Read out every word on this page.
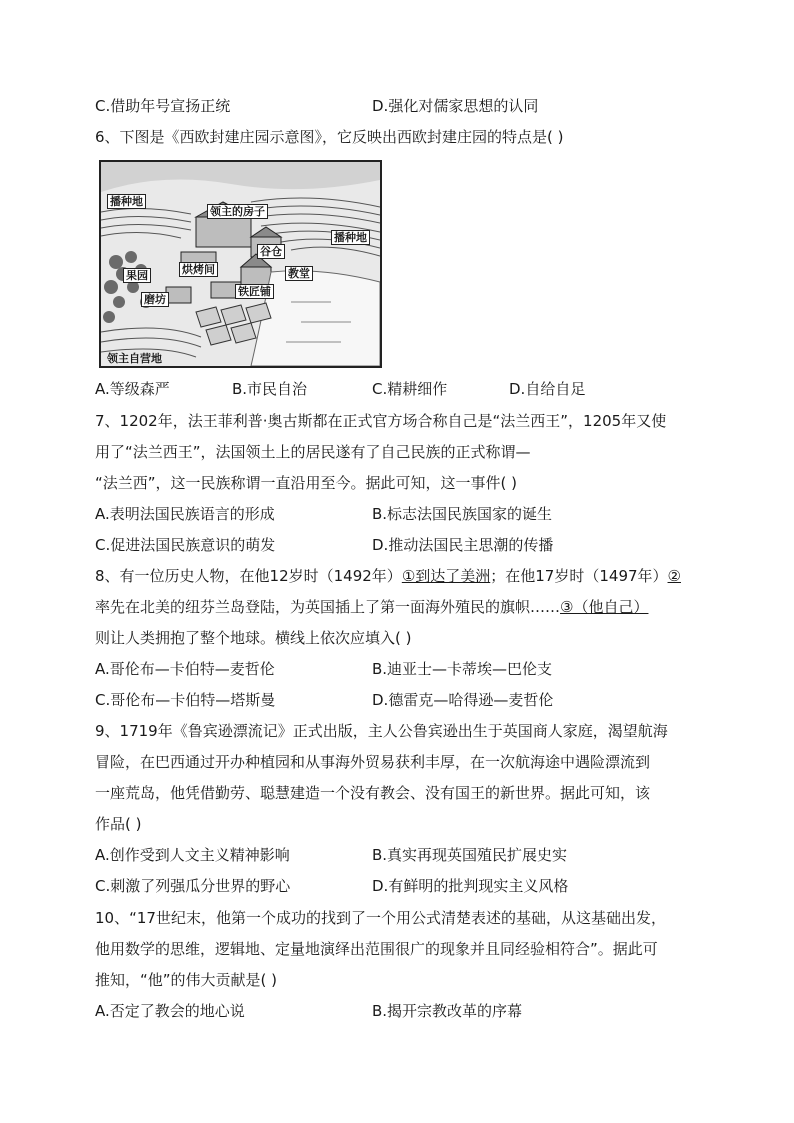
C.借助年号宣扬正统	D.强化对儒家思想的认同
6、下图是《西欧封建庄园示意图》，它反映出西欧封建庄园的特点是( )
播种地
领主的房子
播种地
谷仓
果园	烘烤间	教堂
铁匠铺
磨坊
领主自营地
A.等级森严	B.市民自治	C.精耕细作	D.自给自足
7、1202年，法王菲利普·奥古斯都在正式官方场合称自己是“法兰西王”，1205年又使
用了“法兰西王”，法国领土上的居民遂有了自己民族的正式称谓—
“法兰西”，这一民族称谓一直沿用至今。据此可知，这一事件( )
A.表明法国民族语言的形成	B.标志法国民族国家的诞生
C.促进法国民族意识的萌发	D.推动法国民主思潮的传播
8、有一位历史人物，在他12岁时（1492年）①到达了美洲；在他17岁时（1497年）②
率先在北美的纽芬兰岛登陆，为英国插上了第一面海外殖民的旗帜……③（他自己）
则让人类拥抱了整个地球。横线上依次应填入( )
A.哥伦布—卡伯特—麦哲伦	B.迪亚士—卡蒂埃—巴伦支
C.哥伦布—卡伯特—塔斯曼	D.德雷克—哈得逊—麦哲伦
9、1719年《鲁宾逊漂流记》正式出版，主人公鲁宾逊出生于英国商人家庭，渴望航海
冒险，在巴西通过开办种植园和从事海外贸易获利丰厚，在一次航海途中遇险漂流到
一座荒岛，他凭借勤劳、聪慧建造一个没有教会、没有国王的新世界。据此可知，该
作品( )
A.创作受到人文主义精神影响	B.真实再现英国殖民扩展史实
C.刺激了列强瓜分世界的野心	D.有鲜明的批判现实主义风格
10、“17世纪末，他第一个成功的找到了一个用公式清楚表述的基础，从这基础出发，
他用数学的思维，逻辑地、定量地演绎出范围很广的现象并且同经验相符合”。据此可
推知，“他”的伟大贡献是( )
A.否定了教会的地心说	B.揭开宗教改革的序幕
